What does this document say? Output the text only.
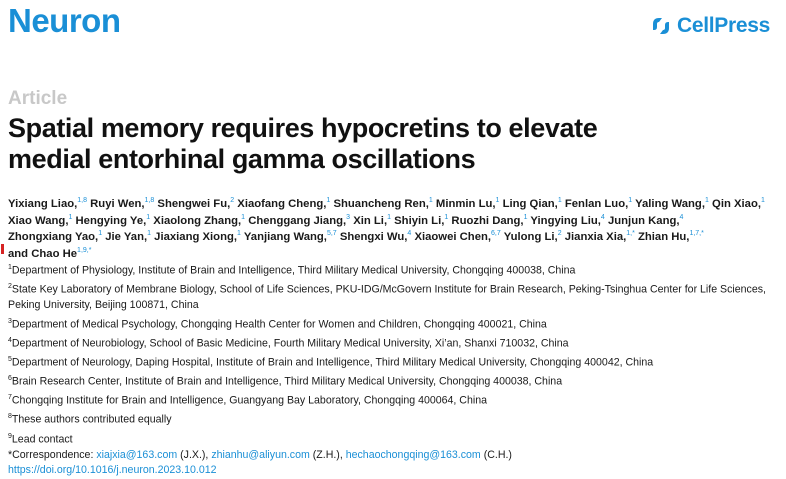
Neuron	CellPress
Article
Spatial memory requires hypocretins to elevate
medial entorhinal gamma oscillations
Yixiang Liao,$^{1,8}$ Ruyi Wen,$^{1,8}$ Shengwei Fu,$^2$ Xiaofang Cheng,$^1$ Shuancheng Ren,$^1$ Minmin Lu,$^1$ Ling Qian,$^1$ Fenlan Luo,$^1$ Yaling Wang,$^1$ Qin Xiao,$^1$ Xiao Wang,$^1$ Hengying Ye,$^1$ Xiaolong Zhang,$^1$ Chenggang Jiang,$^3$ Xin Li,$^1$ Shiyin Li,$^1$ Ruozhi Dang,$^1$ Yingying Liu,$^4$ Junjun Kang,$^4$ Zhongxiang Yao,$^1$ Jie Yan,$^1$ Jiaxiang Xiong,$^1$ Yanjiang Wang,$^{5,7}$ Shengxi Wu,$^4$ Xiaowei Chen,$^{6,7}$ Yulong Li,$^2$ Jianxia Xia,$^{1,*}$ Zhian Hu,$^{1,7,*}$ and Chao $He^{1,9,*}$
$^1$Department of Physiology, Institute of Brain and Intelligence, Third Military Medical University, Chongqing 400038, China
$^2$State Key Laboratory of Membrane Biology, School of Life Sciences, PKU-IDG/McGovern Institute for Brain Research, Peking-Tsinghua Center for Life Sciences, Peking University, Beijing 100871, China
$^3$Department of Medical Psychology, Chongqing Health Center for Women and Children, Chongqing 400021, China
$^4$Department of Neurobiology, School of Basic Medicine, Fourth Military Medical University, Xi’an, Shanxi 710032, China
$^5$Department of Neurology, Daping Hospital, Institute of Brain and Intelligence, Third Military Medical University, Chongqing 400042, China
$^6$Brain Research Center, Institute of Brain and Intelligence, Third Military Medical University, Chongqing 400038, China
$^7$Chongqing Institute for Brain and Intelligence, Guangyang Bay Laboratory, Chongqing 400064, China
$^8$These authors contributed equally
$^9$Lead contact
*Correspondence: xiajxia@163.com (J.X.), zhianhu@aliyun.com (Z.H.), hechaochongqing@163.com (C.H.)
https://doi.org/10.1016/j.neuron.2023.10.012
